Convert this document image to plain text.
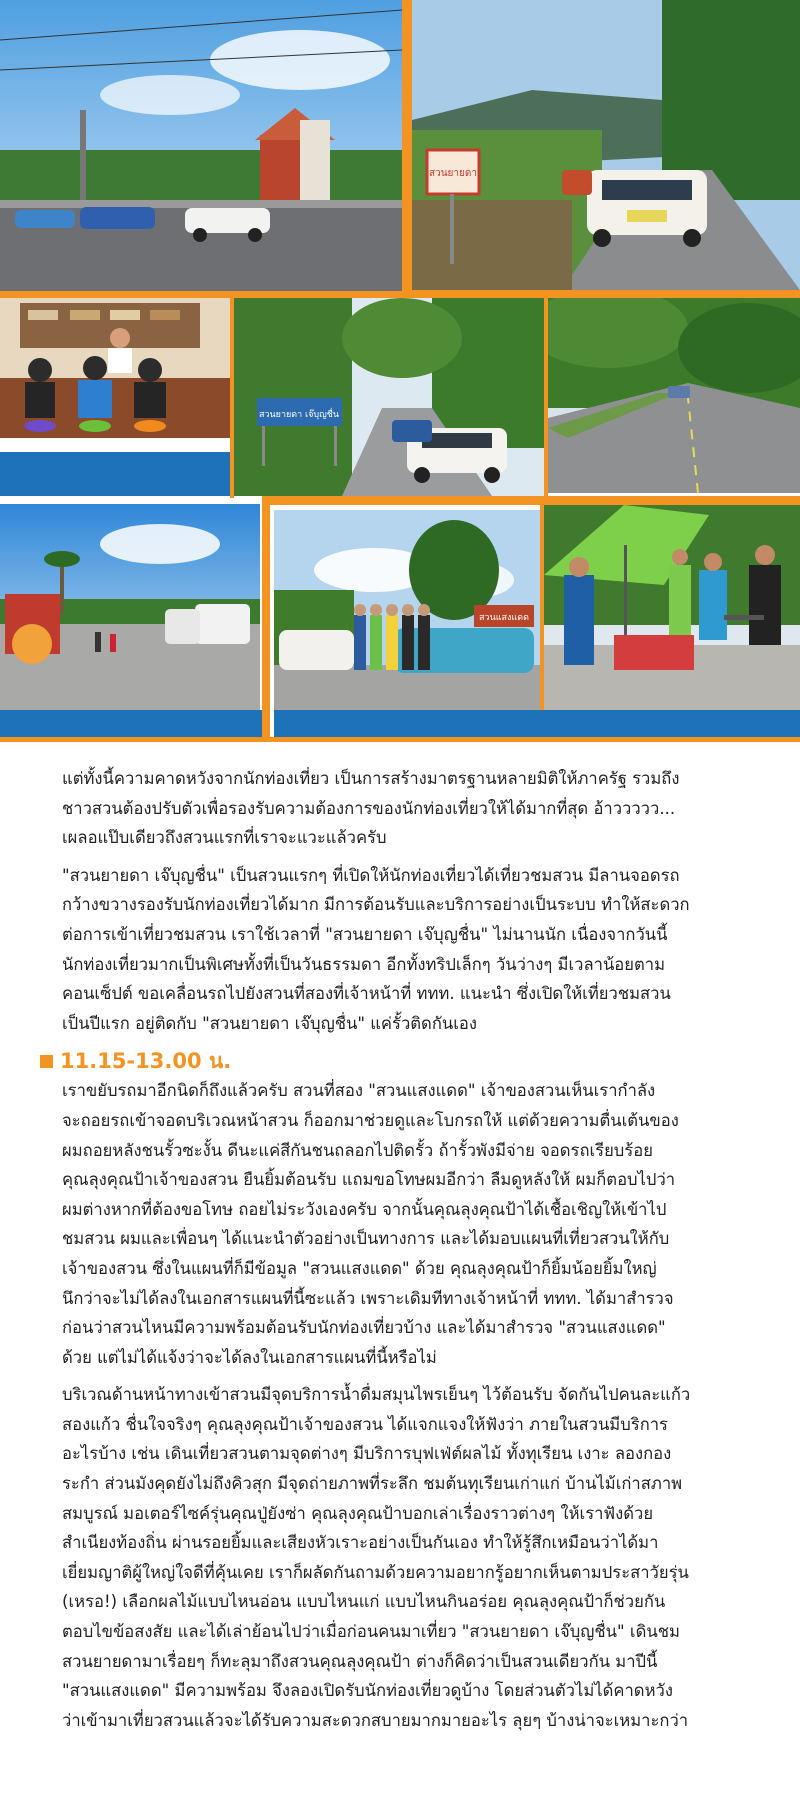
สวนยายดา
สวนยายดา เจ๊บุญชื่น
สวนแสงแดด

แต่ทั้งนี้ความคาดหวังจากนักท่องเที่ยว เป็นการสร้างมาตรฐานหลายมิติให้ภาครัฐ รวมถึง
ชาวสวนต้องปรับตัวเพื่อรองรับความต้องการของนักท่องเที่ยวให้ได้มากที่สุด อ้าววววว...
เผลอแป๊บเดียวถึงสวนแรกที่เราจะแวะแล้วครับ

"สวนยายดา เจ๊บุญชื่น" เป็นสวนแรกๆ ที่เปิดให้นักท่องเที่ยวได้เที่ยวชมสวน มีลานจอดรถ
กว้างขวางรองรับนักท่องเที่ยวได้มาก มีการต้อนรับและบริการอย่างเป็นระบบ ทำให้สะดวก
ต่อการเข้าเที่ยวชมสวน เราใช้เวลาที่ "สวนยายดา เจ๊บุญชื่น" ไม่นานนัก เนื่องจากวันนี้
นักท่องเที่ยวมากเป็นพิเศษทั้งที่เป็นวันธรรมดา อีกทั้งทริปเล็กๆ วันว่างๆ มีเวลาน้อยตาม
คอนเซ็ปต์ ขอเคลื่อนรถไปยังสวนที่สองที่เจ้าหน้าที่ ททท. แนะนำ ซึ่งเปิดให้เที่ยวชมสวน
เป็นปีแรก อยู่ติดกับ "สวนยายดา เจ๊บุญชื่น" แค่รั้วติดกันเอง

11.15-13.00 น.

เราขยับรถมาอีกนิดก็ถึงแล้วครับ สวนที่สอง "สวนแสงแดด" เจ้าของสวนเห็นเรากำลัง
จะถอยรถเข้าจอดบริเวณหน้าสวน ก็ออกมาช่วยดูและโบกรถให้ แต่ด้วยความตื่นเต้นของ
ผมถอยหลังชนรั้วซะงั้น ดีนะแค่สีกันชนถลอกไปติดรั้ว ถ้ารั้วพังมีจ่าย จอดรถเรียบร้อย
คุณลุงคุณป้าเจ้าของสวน ยืนยิ้มต้อนรับ แถมขอโทษผมอีกว่า ลืมดูหลังให้ ผมก็ตอบไปว่า
ผมต่างหากที่ต้องขอโทษ ถอยไม่ระวังเองครับ จากนั้นคุณลุงคุณป้าได้เชื้อเชิญให้เข้าไป
ชมสวน ผมและเพื่อนๆ ได้แนะนำตัวอย่างเป็นทางการ และได้มอบแผนที่เที่ยวสวนให้กับ
เจ้าของสวน ซึ่งในแผนที่ก็มีข้อมูล "สวนแสงแดด" ด้วย คุณลุงคุณป้าก็ยิ้มน้อยยิ้มใหญ่
นึกว่าจะไม่ได้ลงในเอกสารแผนที่นี้ซะแล้ว เพราะเดิมทีทางเจ้าหน้าที่ ททท. ได้มาสำรวจ
ก่อนว่าสวนไหนมีความพร้อมต้อนรับนักท่องเที่ยวบ้าง และได้มาสำรวจ "สวนแสงแดด"
ด้วย แต่ไม่ได้แจ้งว่าจะได้ลงในเอกสารแผนที่นี้หรือไม่

บริเวณด้านหน้าทางเข้าสวนมีจุดบริการน้ำดื่มสมุนไพรเย็นๆ ไว้ต้อนรับ จัดกันไปคนละแก้ว
สองแก้ว ชื่นใจจริงๆ คุณลุงคุณป้าเจ้าของสวน ได้แจกแจงให้ฟังว่า ภายในสวนมีบริการ
อะไรบ้าง เช่น เดินเที่ยวสวนตามจุดต่างๆ มีบริการบุฟเฟ่ต์ผลไม้ ทั้งทุเรียน เงาะ ลองกอง
ระกำ ส่วนมังคุดยังไม่ถึงคิวสุก มีจุดถ่ายภาพที่ระลึก ชมต้นทุเรียนเก่าแก่ บ้านไม้เก่าสภาพ
สมบูรณ์ มอเตอร์ไซค์รุ่นคุณปู่ยังซ่า คุณลุงคุณป้าบอกเล่าเรื่องราวต่างๆ ให้เราฟังด้วย
สำเนียงท้องถิ่น ผ่านรอยยิ้มและเสียงหัวเราะอย่างเป็นกันเอง ทำให้รู้สึกเหมือนว่าได้มา
เยี่ยมญาติผู้ใหญ่ใจดีที่คุ้นเคย เราก็ผลัดกันถามด้วยความอยากรู้อยากเห็นตามประสาวัยรุ่น
(เหรอ!) เลือกผลไม้แบบไหนอ่อน แบบไหนแก่ แบบไหนกินอร่อย คุณลุงคุณป้าก็ช่วยกัน
ตอบไขข้อสงสัย และได้เล่าย้อนไปว่าเมื่อก่อนคนมาเที่ยว "สวนยายดา เจ๊บุญชื่น" เดินชม
สวนยายดามาเรื่อยๆ ก็ทะลุมาถึงสวนคุณลุงคุณป้า ต่างก็คิดว่าเป็นสวนเดียวกัน มาปีนี้
"สวนแสงแดด" มีความพร้อม จึงลองเปิดรับนักท่องเที่ยวดูบ้าง โดยส่วนตัวไม่ได้คาดหวัง
ว่าเข้ามาเที่ยวสวนแล้วจะได้รับความสะดวกสบายมากมายอะไร ลุยๆ บ้างน่าจะเหมาะกว่า
